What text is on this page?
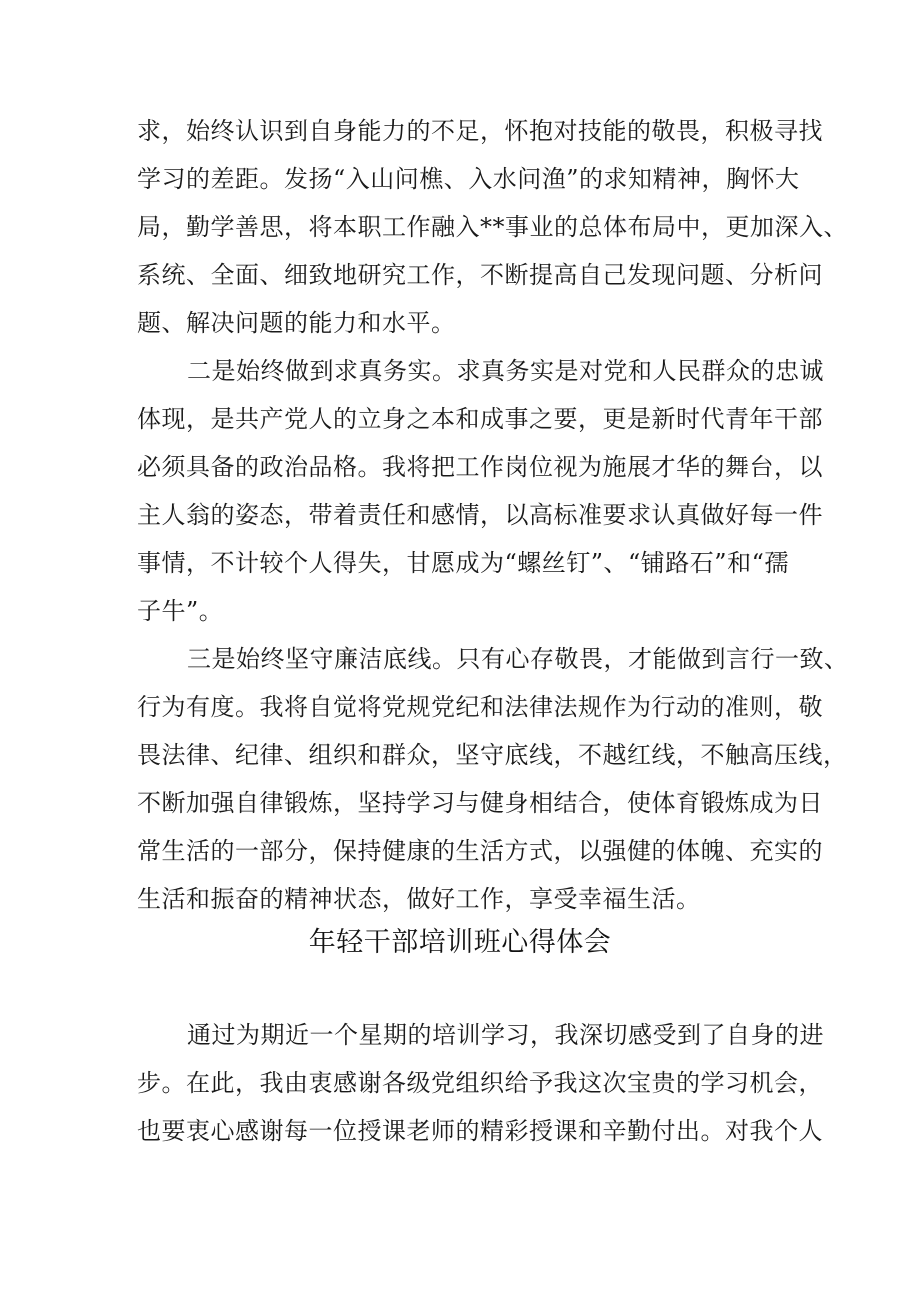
求，始终认识到自身能力的不足，怀抱对技能的敬畏，积极寻找
学习的差距。发扬“入山问樵、入水问渔”的求知精神，胸怀大
局，勤学善思，将本职工作融入**事业的总体布局中，更加深入、
系统、全面、细致地研究工作，不断提高自己发现问题、分析问
题、解决问题的能力和水平。
二是始终做到求真务实。求真务实是对党和人民群众的忠诚
体现，是共产党人的立身之本和成事之要，更是新时代青年干部
必须具备的政治品格。我将把工作岗位视为施展才华的舞台，以
主人翁的姿态，带着责任和感情，以高标准要求认真做好每一件
事情，不计较个人得失，甘愿成为“螺丝钉”、“铺路石”和“孺
子牛”。
三是始终坚守廉洁底线。只有心存敬畏，才能做到言行一致、
行为有度。我将自觉将党规党纪和法律法规作为行动的准则，敬
畏法律、纪律、组织和群众，坚守底线，不越红线，不触高压线，
不断加强自律锻炼，坚持学习与健身相结合，使体育锻炼成为日
常生活的一部分，保持健康的生活方式，以强健的体魄、充实的
生活和振奋的精神状态，做好工作，享受幸福生活。
年轻干部培训班心得体会
通过为期近一个星期的培训学习，我深切感受到了自身的进
步。在此，我由衷感谢各级党组织给予我这次宝贵的学习机会，
也要衷心感谢每一位授课老师的精彩授课和辛勤付出。对我个人
